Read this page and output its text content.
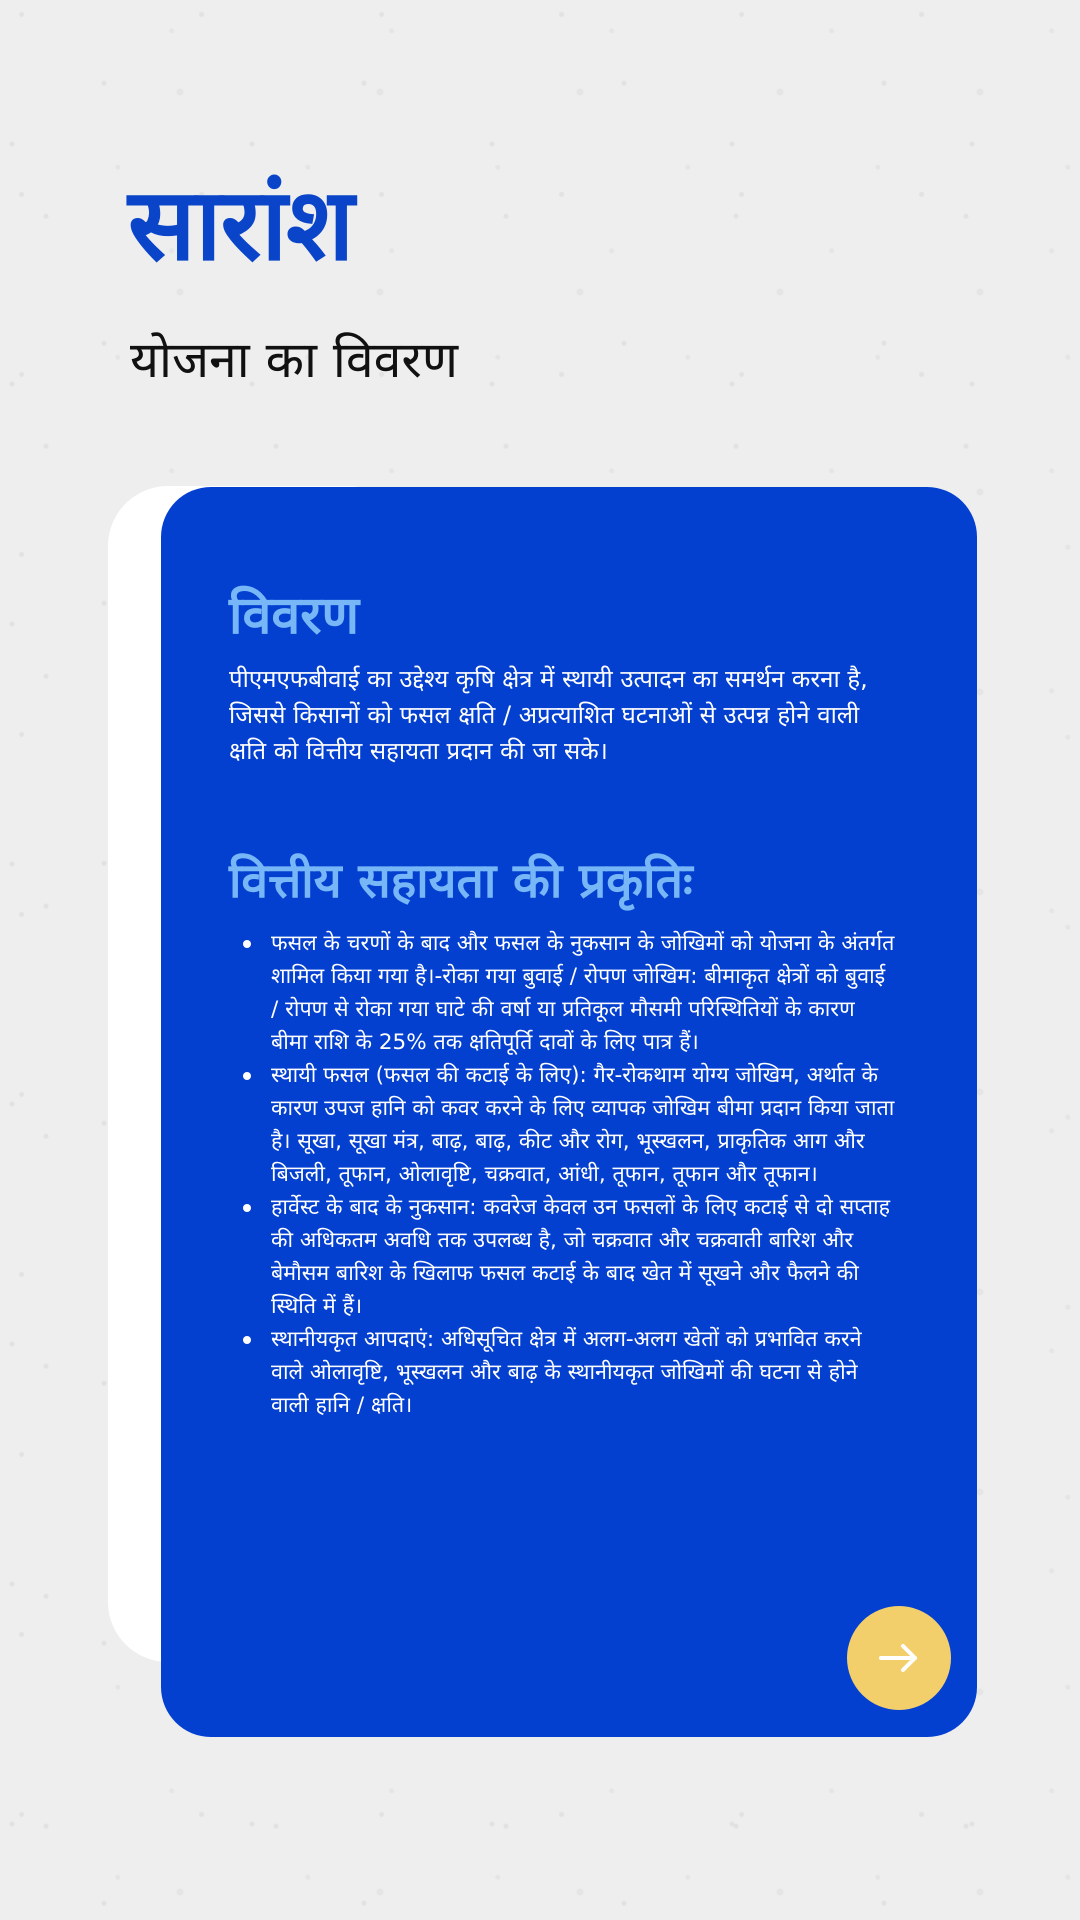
सारांश
योजना का विवरण
विवरण

पीएमएफबीवाई का उद्देश्य कृषि क्षेत्र में स्थायी उत्पादन का समर्थन करना है, जिससे किसानों को फसल क्षति / अप्रत्याशित घटनाओं से उत्पन्न होने वाली क्षति को वित्तीय सहायता प्रदान की जा सके।

वित्तीय सहायता की प्रकृतिः
फसल के चरणों के बाद और फसल के नुकसान के जोखिमों को योजना के अंतर्गत शामिल किया गया है।-रोका गया बुवाई / रोपण जोखिम: बीमाकृत क्षेत्रों को बुवाई / रोपण से रोका गया घाटे की वर्षा या प्रतिकूल मौसमी परिस्थितियों के कारण बीमा राशि के 25% तक क्षतिपूर्ति दावों के लिए पात्र हैं।
स्थायी फसल (फसल की कटाई के लिए): गैर-रोकथाम योग्य जोखिम, अर्थात के कारण उपज हानि को कवर करने के लिए व्यापक जोखिम बीमा प्रदान किया जाता है। सूखा, सूखा मंत्र, बाढ़, बाढ़, कीट और रोग, भूस्खलन, प्राकृतिक आग और बिजली, तूफान, ओलावृष्टि, चक्रवात, आंधी, तूफान, तूफान और तूफान।
हार्वेस्ट के बाद के नुकसान: कवरेज केवल उन फसलों के लिए कटाई से दो सप्ताह की अधिकतम अवधि तक उपलब्ध है, जो चक्रवात और चक्रवाती बारिश और बेमौसम बारिश के खिलाफ फसल कटाई के बाद खेत में सूखने और फैलने की स्थिति में हैं।
स्थानीयकृत आपदाएं: अधिसूचित क्षेत्र में अलग-अलग खेतों को प्रभावित करने वाले ओलावृष्टि, भूस्खलन और बाढ़ के स्थानीयकृत जोखिमों की घटना से होने वाली हानि / क्षति।
